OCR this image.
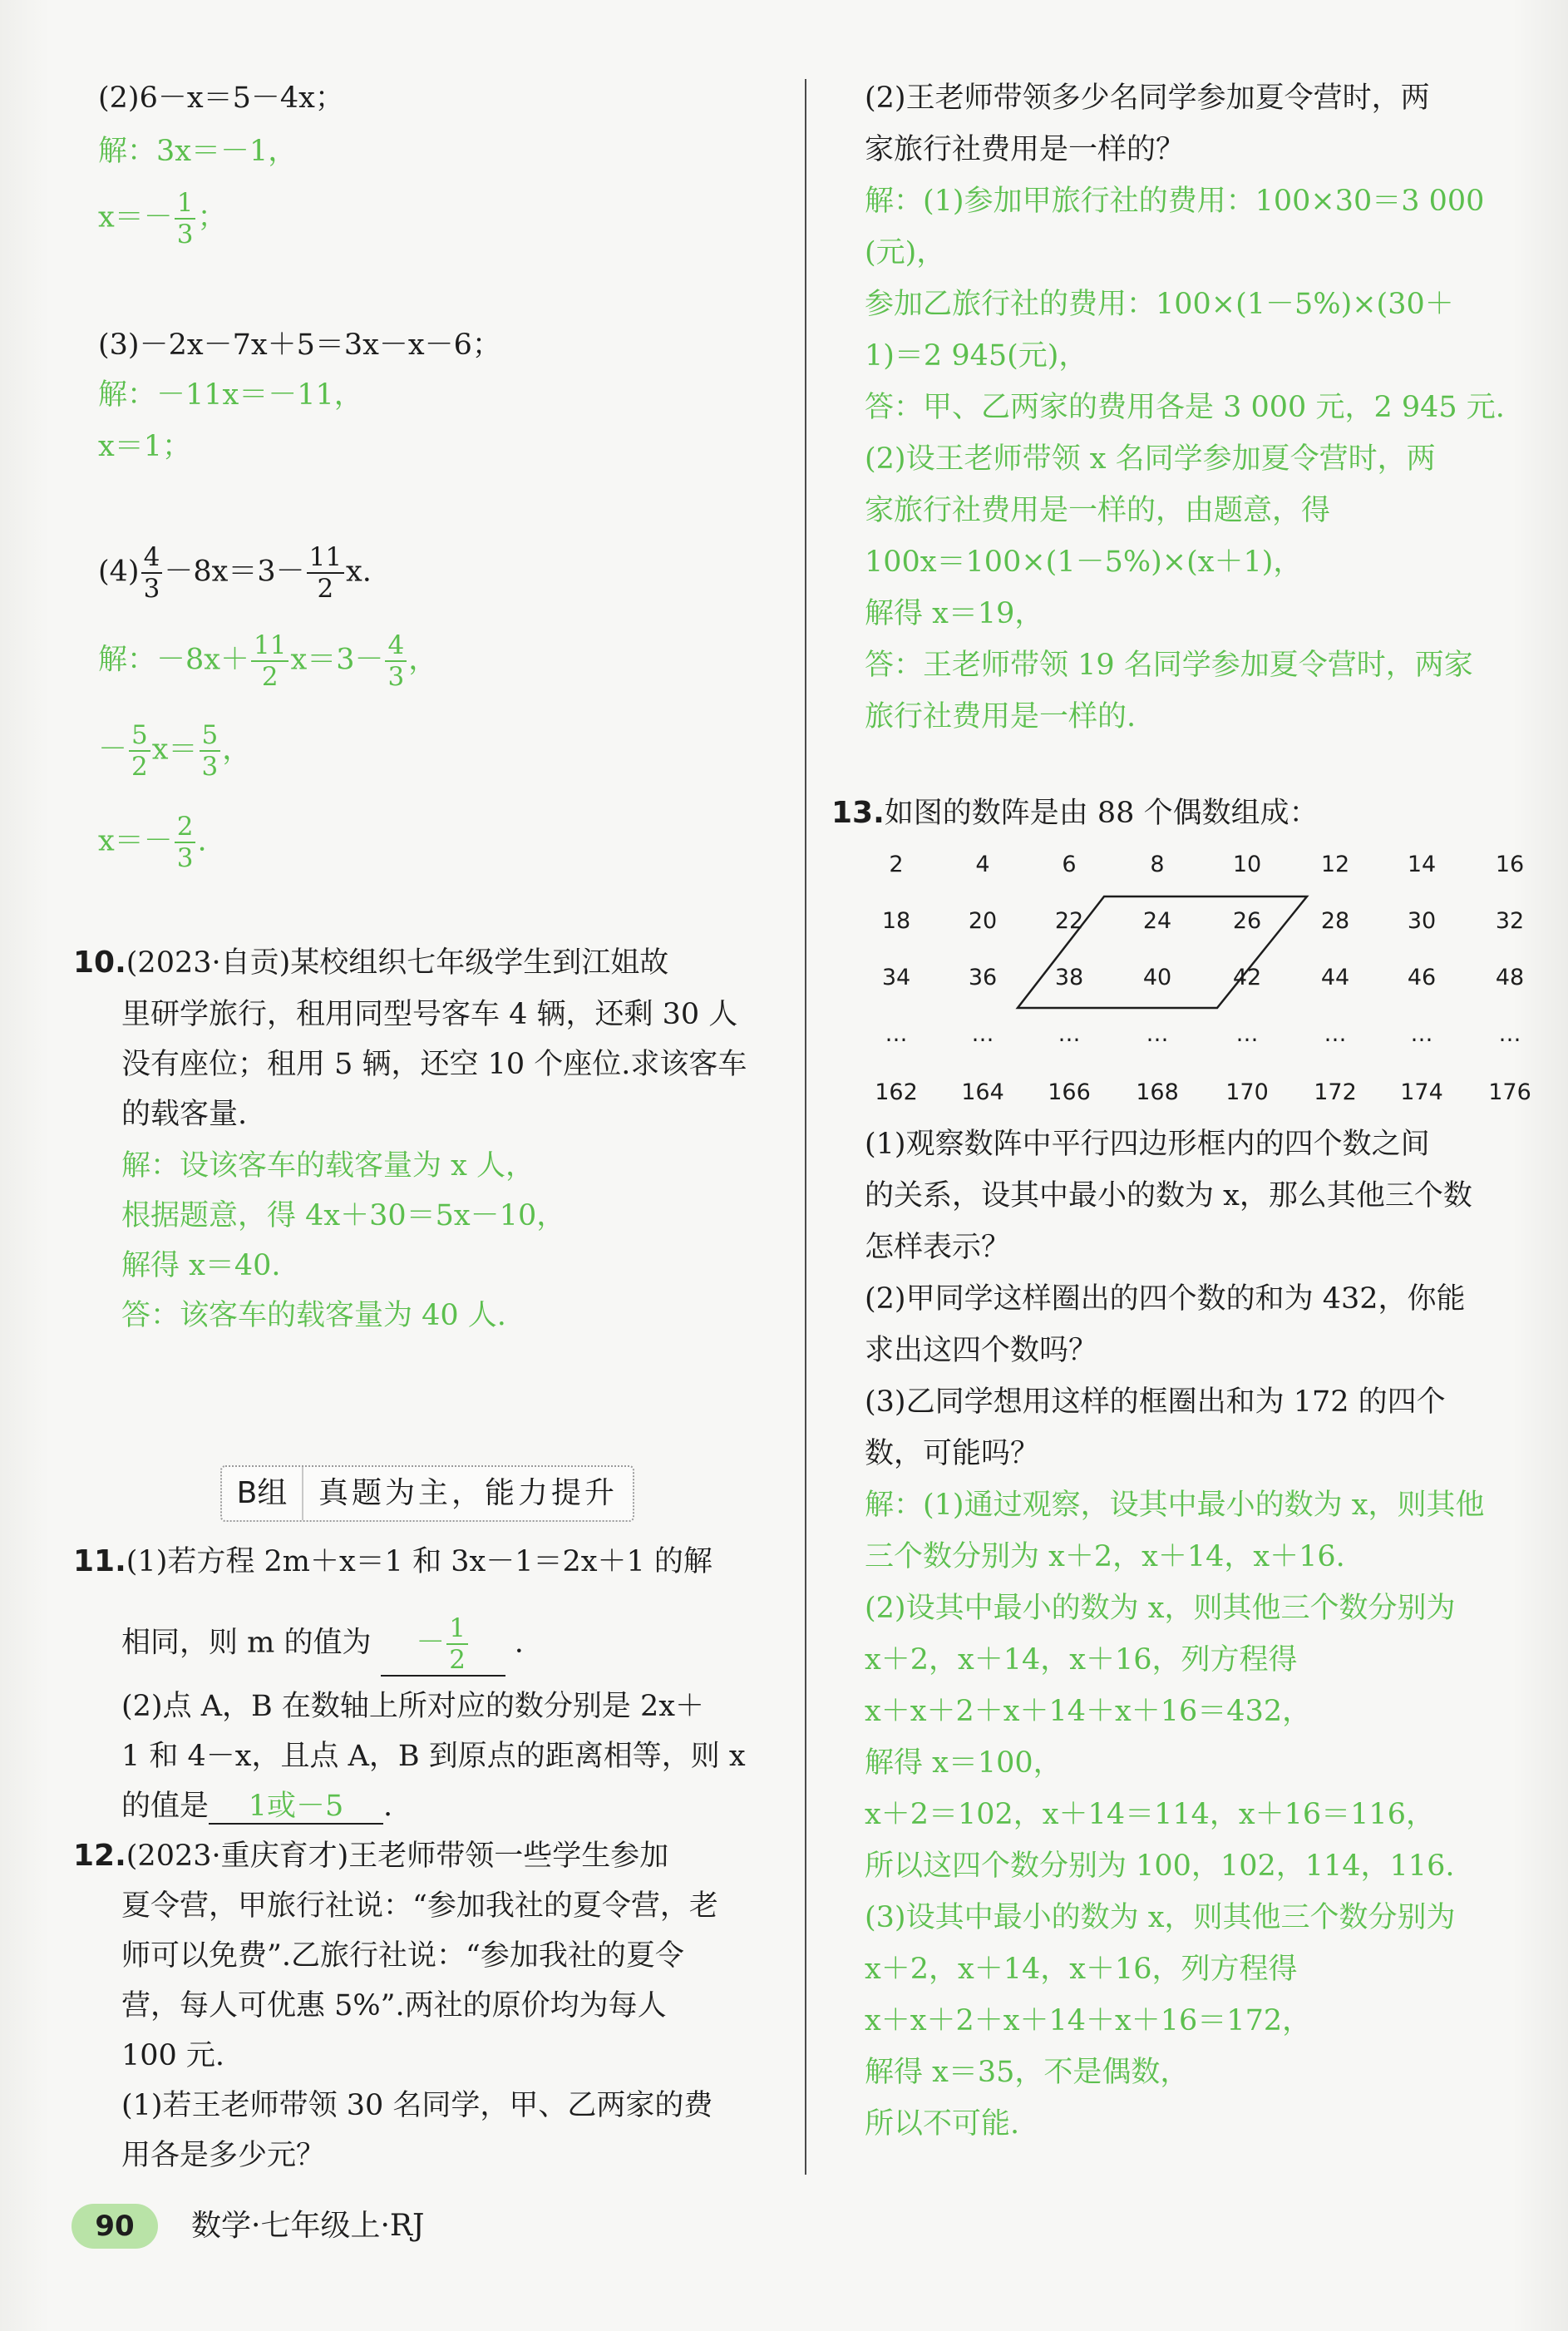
(2)6－x＝5－4x；
解：3x＝－1，
$x=- \frac{1}{3}$ ；
(3)－2x－7x＋5＝3x－x－6；
解：－11x＝－11，
x＝1；
$(4) \frac{4}{3} -8x=3- \frac{11}{2} x$.
解：$-8x+ \frac{11}{2} x=3- \frac{4}{3}$ ，
－ $\frac{5}{2} x= \frac{5}{3}$ ，
$x=- \frac{2}{3}$ .
10.(2023·自贡)某校组织七年级学生到江姐故
里研学旅行，租用同型号客车 4 辆，还剩 30 人
没有座位；租用 5 辆，还空 10 个座位.求该客车
的载客量.
解：设该客车的载客量为 x 人，
根据题意，得 4x＋30＝5x－10，
解得 x＝40.
答：该客车的载客量为 40 人.
B组	真题为主，能力提升
11.(1)若方程 2m＋x＝1 和 3x－1＝2x＋1 的解
相同，则 m 的值为 － $\frac{1}{2}$ .
(2)点 A，B 在数轴上所对应的数分别是 2x＋
1 和 4－x，且点 A，B 到原点的距离相等，则 x
的值是 1或－5 .
12.(2023·重庆育才)王老师带领一些学生参加
夏令营，甲旅行社说：“参加我社的夏令营，老
师可以免费”.乙旅行社说：“参加我社的夏令
营，每人可优惠 5%”.两社的原价均为每人
100 元.
(1)若王老师带领 30 名同学，甲、乙两家的费
用各是多少元？
(2)王老师带领多少名同学参加夏令营时，两
家旅行社费用是一样的？
解：(1)参加甲旅行社的费用：100×30＝3 000
(元)，
参加乙旅行社的费用：100×(1－5%)×(30＋
1)＝2 945(元)，
答：甲、乙两家的费用各是 3 000 元，2 945 元.
(2)设王老师带领 x 名同学参加夏令营时，两
家旅行社费用是一样的，由题意，得
100x＝100×(1－5%)×(x＋1)，
解得 x＝19，
答：王老师带领 19 名同学参加夏令营时，两家
旅行社费用是一样的.
13.如图的数阵是由 88 个偶数组成：
2	4	6	8	10	12	14	16
18	20	22	24	26	28	30	32
34	36	38	40	42	44	46	48
…	…	…	…	…	…	…	…
162	164	166	168	170	172	174	176
(1)观察数阵中平行四边形框内的四个数之间
的关系，设其中最小的数为 x，那么其他三个数
怎样表示？
(2)甲同学这样圈出的四个数的和为 432，你能
求出这四个数吗？
(3)乙同学想用这样的框圈出和为 172 的四个
数，可能吗？
解：(1)通过观察，设其中最小的数为 x，则其他
三个数分别为 x＋2，x＋14，x＋16.
(2)设其中最小的数为 x，则其他三个数分别为
x＋2，x＋14，x＋16，列方程得
x＋x＋2＋x＋14＋x＋16＝432，
解得 x＝100，
x＋2＝102，x＋14＝114，x＋16＝116，
所以这四个数分别为 100，102，114，116.
(3)设其中最小的数为 x，则其他三个数分别为
x＋2，x＋14，x＋16，列方程得
x＋x＋2＋x＋14＋x＋16＝172，
解得 x＝35，不是偶数，
所以不可能.
90	数学·七年级上·RJ
